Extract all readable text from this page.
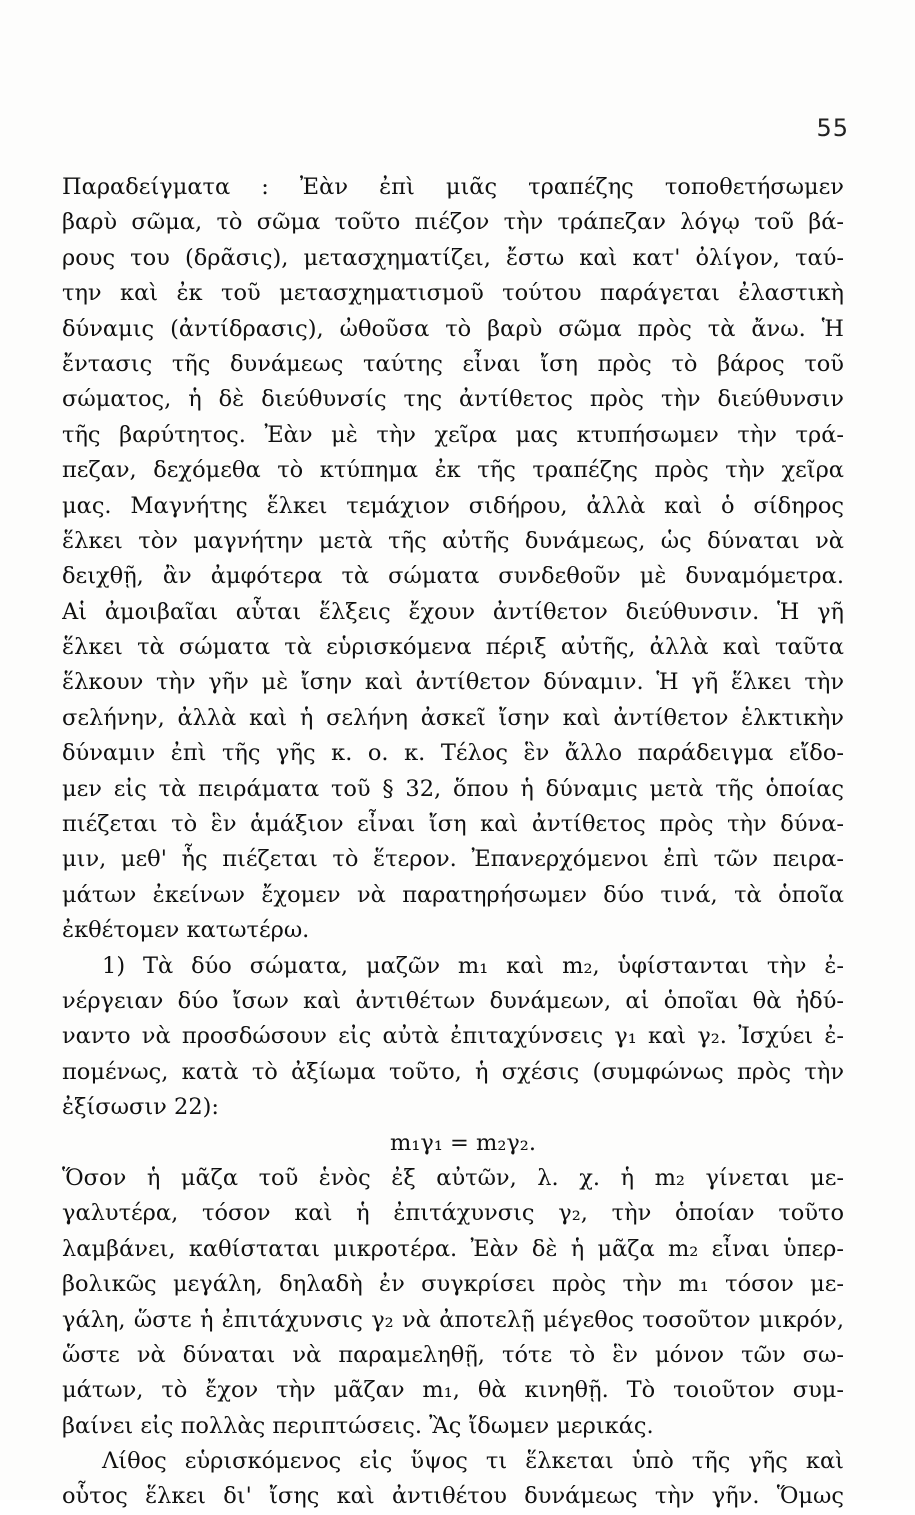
55
Παραδείγματα : Ἐὰν ἐπὶ μιᾶς τραπέζης τοποθετήσωμεν
βαρὺ σῶμα, τὸ σῶμα τοῦτο πιέζον τὴν τράπεζαν λόγῳ τοῦ βά-
ρους του (δρᾶσις), μετασχηματίζει, ἔστω καὶ κατ' ὀλίγον, ταύ-
την καὶ ἐκ τοῦ μετασχηματισμοῦ τούτου παράγεται ἐλαστικὴ
δύναμις (ἀντίδρασις), ὠθοῦσα τὸ βαρὺ σῶμα πρὸς τὰ ἄνω. Ἡ
ἔντασις τῆς δυνάμεως ταύτης εἶναι ἴση πρὸς τὸ βάρος τοῦ
σώματος, ἡ δὲ διεύθυνσίς της ἀντίθετος πρὸς τὴν διεύθυνσιν
τῆς βαρύτητος. Ἐὰν μὲ τὴν χεῖρα μας κτυπήσωμεν τὴν τρά-
πεζαν, δεχόμεθα τὸ κτύπημα ἐκ τῆς τραπέζης πρὸς τὴν χεῖρα
μας. Μαγνήτης ἕλκει τεμάχιον σιδήρου, ἀλλὰ καὶ ὁ σίδηρος
ἕλκει τὸν μαγνήτην μετὰ τῆς αὐτῆς δυνάμεως, ὡς δύναται νὰ
δειχθῇ, ἂν ἀμφότερα τὰ σώματα συνδεθοῦν μὲ δυναμόμετρα.
Αἱ ἀμοιβαῖαι αὗται ἕλξεις ἔχουν ἀντίθετον διεύθυνσιν. Ἡ γῆ
ἕλκει τὰ σώματα τὰ εὑρισκόμενα πέριξ αὐτῆς, ἀλλὰ καὶ ταῦτα
ἕλκουν τὴν γῆν μὲ ἴσην καὶ ἀντίθετον δύναμιν. Ἡ γῆ ἕλκει τὴν
σελήνην, ἀλλὰ καὶ ἡ σελήνη ἀσκεῖ ἴσην καὶ ἀντίθετον ἑλκτικὴν
δύναμιν ἐπὶ τῆς γῆς κ. ο. κ. Τέλος ἓν ἄλλο παράδειγμα εἴδο-
μεν εἰς τὰ πειράματα τοῦ § 32, ὅπου ἡ δύναμις μετὰ τῆς ὁποίας
πιέζεται τὸ ἓν ἁμάξιον εἶναι ἴση καὶ ἀντίθετος πρὸς τὴν δύνα-
μιν, μεθ' ἧς πιέζεται τὸ ἕτερον. Ἐπανερχόμενοι ἐπὶ τῶν πειρα-
μάτων ἐκείνων ἔχομεν νὰ παρατηρήσωμεν δύο τινά, τὰ ὁποῖα
ἐκθέτομεν κατωτέρω.
1) Τὰ δύο σώματα, μαζῶν m₁ καὶ m₂, ὑφίστανται τὴν ἐ-
νέργειαν δύο ἴσων καὶ ἀντιθέτων δυνάμεων, αἱ ὁποῖαι θὰ ἠδύ-
ναντο νὰ προσδώσουν εἰς αὐτὰ ἐπιταχύνσεις γ₁ καὶ γ₂. Ἰσχύει ἐ-
πομένως, κατὰ τὸ ἀξίωμα τοῦτο, ἡ σχέσις (συμφώνως πρὸς τὴν
ἐξίσωσιν 22):
m₁γ₁ = m₂γ₂.
Ὅσον ἡ μᾶζα τοῦ ἑνὸς ἐξ αὐτῶν, λ. χ. ἡ m₂ γίνεται με-
γαλυτέρα, τόσον καὶ ἡ ἐπιτάχυνσις γ₂, τὴν ὁποίαν τοῦτο
λαμβάνει, καθίσταται μικροτέρα. Ἐὰν δὲ ἡ μᾶζα m₂ εἶναι ὑπερ-
βολικῶς μεγάλη, δηλαδὴ ἐν συγκρίσει πρὸς τὴν m₁ τόσον με-
γάλη, ὥστε ἡ ἐπιτάχυνσις γ₂ νὰ ἀποτελῇ μέγεθος τοσοῦτον μικρόν,
ὥστε νὰ δύναται νὰ παραμεληθῇ, τότε τὸ ἓν μόνον τῶν σω-
μάτων, τὸ ἔχον τὴν μᾶζαν m₁, θὰ κινηθῇ. Τὸ τοιοῦτον συμ-
βαίνει εἰς πολλὰς περιπτώσεις. Ἂς ἴδωμεν μερικάς.
Λίθος εὑρισκόμενος εἰς ὕψος τι ἕλκεται ὑπὸ τῆς γῆς καὶ
οὗτος ἕλκει δι' ἴσης καὶ ἀντιθέτου δυνάμεως τὴν γῆν. Ὅμως
